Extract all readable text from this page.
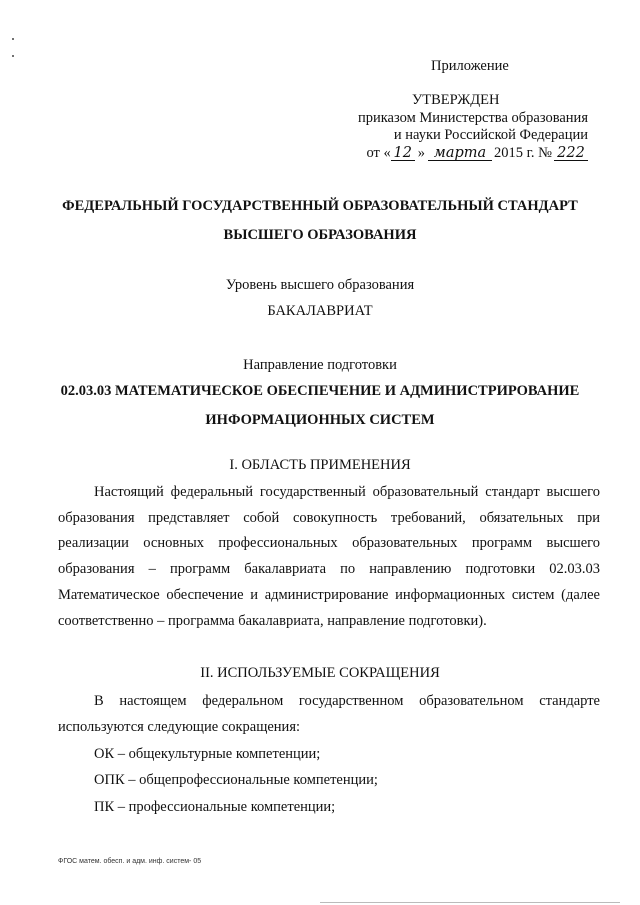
Приложение
УТВЕРЖДЕН
приказом Министерства образования
и науки Российской Федерации
от « 12 » марта 2015 г. № 222
ФЕДЕРАЛЬНЫЙ ГОСУДАРСТВЕННЫЙ ОБРАЗОВАТЕЛЬНЫЙ СТАНДАРТ
ВЫСШЕГО ОБРАЗОВАНИЯ
Уровень высшего образования
БАКАЛАВРИАТ
Направление подготовки
02.03.03 МАТЕМАТИЧЕСКОЕ ОБЕСПЕЧЕНИЕ И АДМИНИСТРИРОВАНИЕ
ИНФОРМАЦИОННЫХ СИСТЕМ
I. ОБЛАСТЬ ПРИМЕНЕНИЯ
Настоящий федеральный государственный образовательный стандарт высшего образования представляет собой совокупность требований, обязательных при реализации основных профессиональных образовательных программ высшего образования – программ бакалавриата по направлению подготовки 02.03.03 Математическое обеспечение и администрирование информационных систем (далее соответственно – программа бакалавриата, направление подготовки).
II. ИСПОЛЬЗУЕМЫЕ СОКРАЩЕНИЯ
В настоящем федеральном государственном образовательном стандарте используются следующие сокращения:
ОК – общекультурные компетенции;
ОПК – общепрофессиональные компетенции;
ПК – профессиональные компетенции;
ФГОС матем. обесп. и адм. инф. систем- 05
